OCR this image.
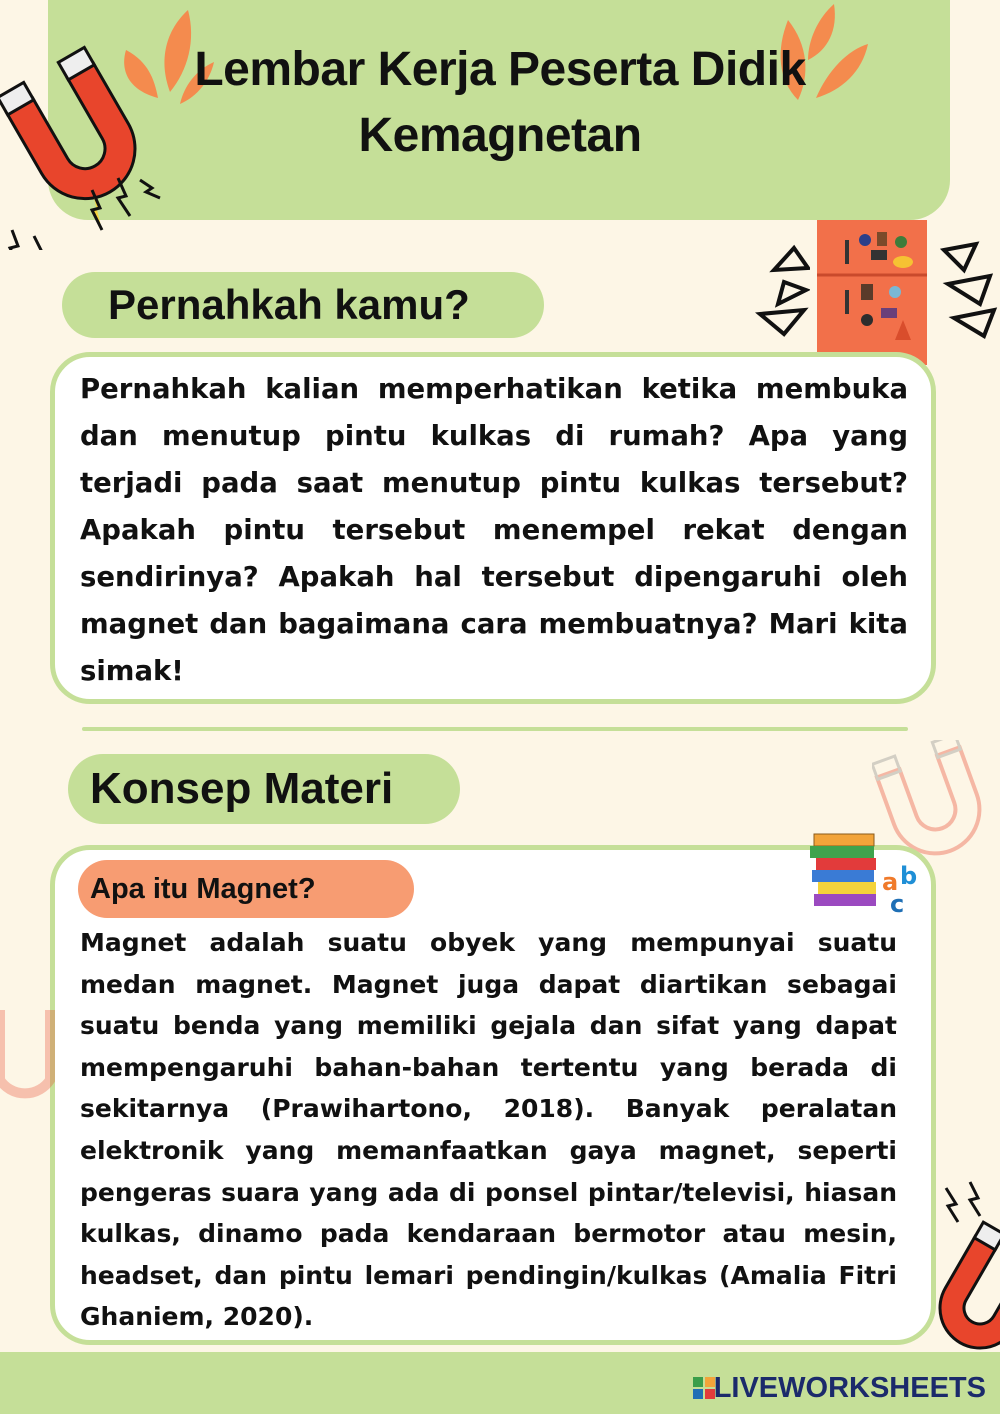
Lembar Kerja Peserta Didik
Kemagnetan
Pernahkah kamu?
Pernahkah kalian memperhatikan ketika membuka dan menutup pintu kulkas di rumah? Apa yang terjadi pada saat menutup pintu kulkas tersebut? Apakah pintu tersebut menempel rekat dengan sendirinya? Apakah hal tersebut dipengaruhi oleh magnet dan bagaimana cara membuatnya? Mari kita simak!
Konsep Materi
Apa itu Magnet?	a b
c
Magnet adalah suatu obyek yang mempunyai suatu medan magnet. Magnet juga dapat diartikan sebagai suatu benda yang memiliki gejala dan sifat yang dapat mempengaruhi bahan-bahan tertentu yang berada di sekitarnya (Prawihartono, 2018). Banyak peralatan elektronik yang memanfaatkan gaya magnet, seperti pengeras suara yang ada di ponsel pintar/televisi, hiasan kulkas, dinamo pada kendaraan bermotor atau mesin, headset, dan pintu lemari pendingin/kulkas (Amalia Fitri Ghaniem, 2020).
LIVEWORKSHEETS
